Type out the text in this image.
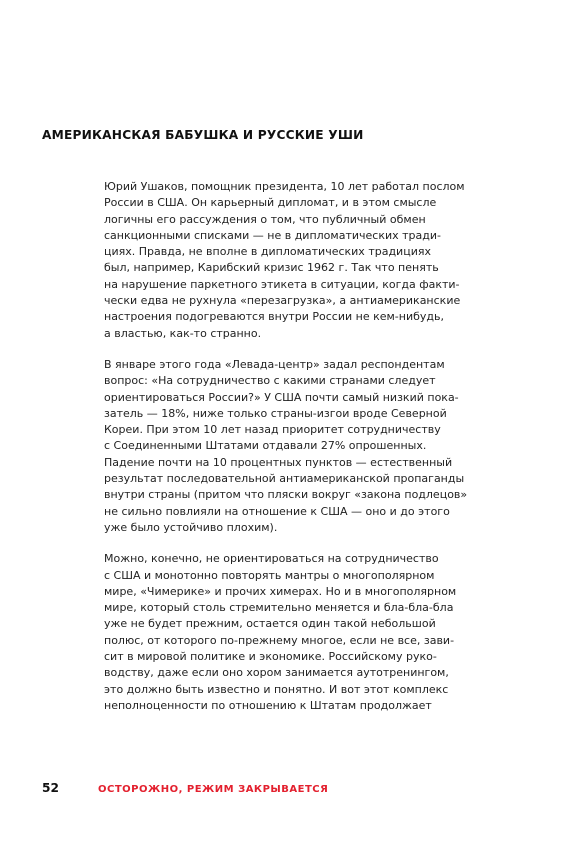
АМЕРИКАНСКАЯ БАБУШКА И РУССКИЕ УШИ
Юрий Ушаков, помощник президента, 10 лет работал послом
России в США. Он карьерный дипломат, и в этом смысле
логичны его рассуждения о том, что публичный обмен
санкционными списками — не в дипломатических тради-
циях. Правда, не вполне в дипломатических традициях
был, например, Карибский кризис 1962 г. Так что пенять
на нарушение паркетного этикета в ситуации, когда факти-
чески едва не рухнула «перезагрузка», а антиамериканские
настроения подогреваются внутри России не кем-нибудь,
а властью, как-то странно.
В январе этого года «Левада-центр» задал респондентам
вопрос: «На сотрудничество с какими странами следует
ориентироваться России?» У США почти самый низкий пока-
затель — 18%, ниже только страны-изгои вроде Северной
Кореи. При этом 10 лет назад приоритет сотрудничеству
с Соединенными Штатами отдавали 27% опрошенных.
Падение почти на 10 процентных пунктов — естественный
результат последовательной антиамериканской пропаганды
внутри страны (притом что пляски вокруг «закона подлецов»
не сильно повлияли на отношение к США — оно и до этого
уже было устойчиво плохим).
Можно, конечно, не ориентироваться на сотрудничество
с США и монотонно повторять мантры о многополярном
мире, «Чимерике» и прочих химерах. Но и в многополярном
мире, который столь стремительно меняется и бла-бла-бла
уже не будет прежним, остается один такой небольшой
полюс, от которого по-прежнему многое, если не все, зави-
сит в мировой политике и экономике. Российскому руко-
водству, даже если оно хором занимается аутотренингом,
это должно быть известно и понятно. И вот этот комплекс
неполноценности по отношению к Штатам продолжает
52	ОСТОРОЖНО, РЕЖИМ ЗАКРЫВАЕТСЯ
